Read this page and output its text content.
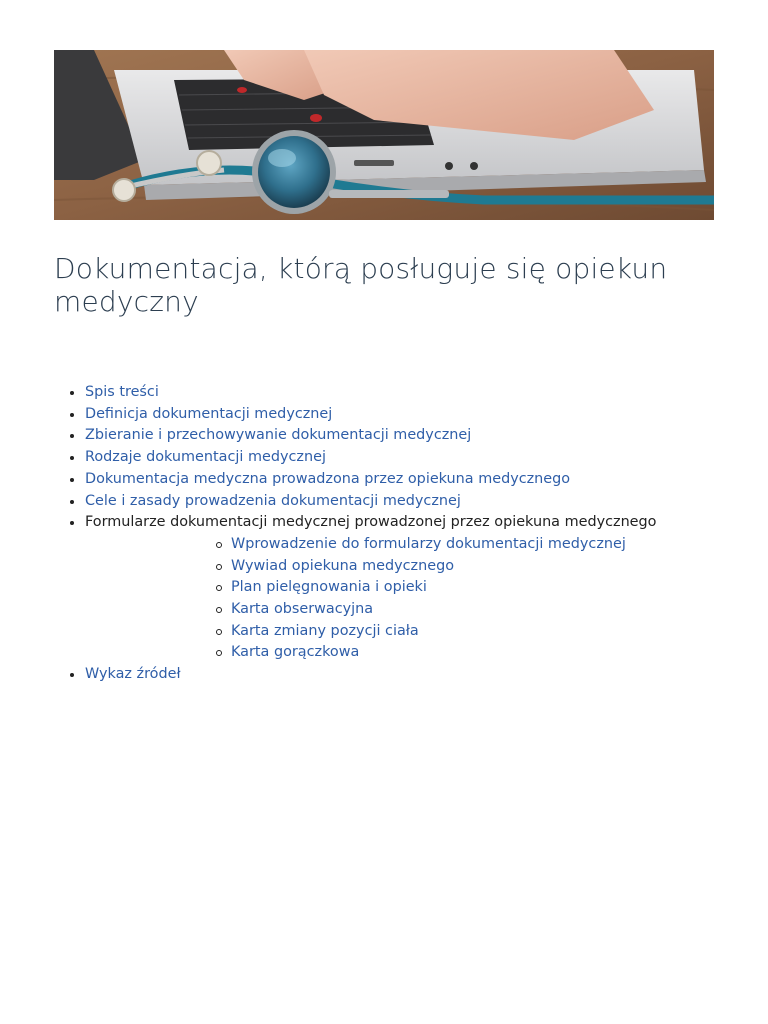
Dokumentacja, którą posługuje się opiekun medyczny
Spis treści
Definicja dokumentacji medycznej
Zbieranie i przechowywanie dokumentacji medycznej
Rodzaje dokumentacji medycznej
Dokumentacja medyczna prowadzona przez opiekuna medycznego
Cele i zasady prowadzenia dokumentacji medycznej
Formularze dokumentacji medycznej prowadzonej przez opiekuna medycznego
Wprowadzenie do formularzy dokumentacji medycznej
Wywiad opiekuna medycznego
Plan pielęgnowania i opieki
Karta obserwacyjna
Karta zmiany pozycji ciała
Karta gorączkowa
Wykaz źródeł
